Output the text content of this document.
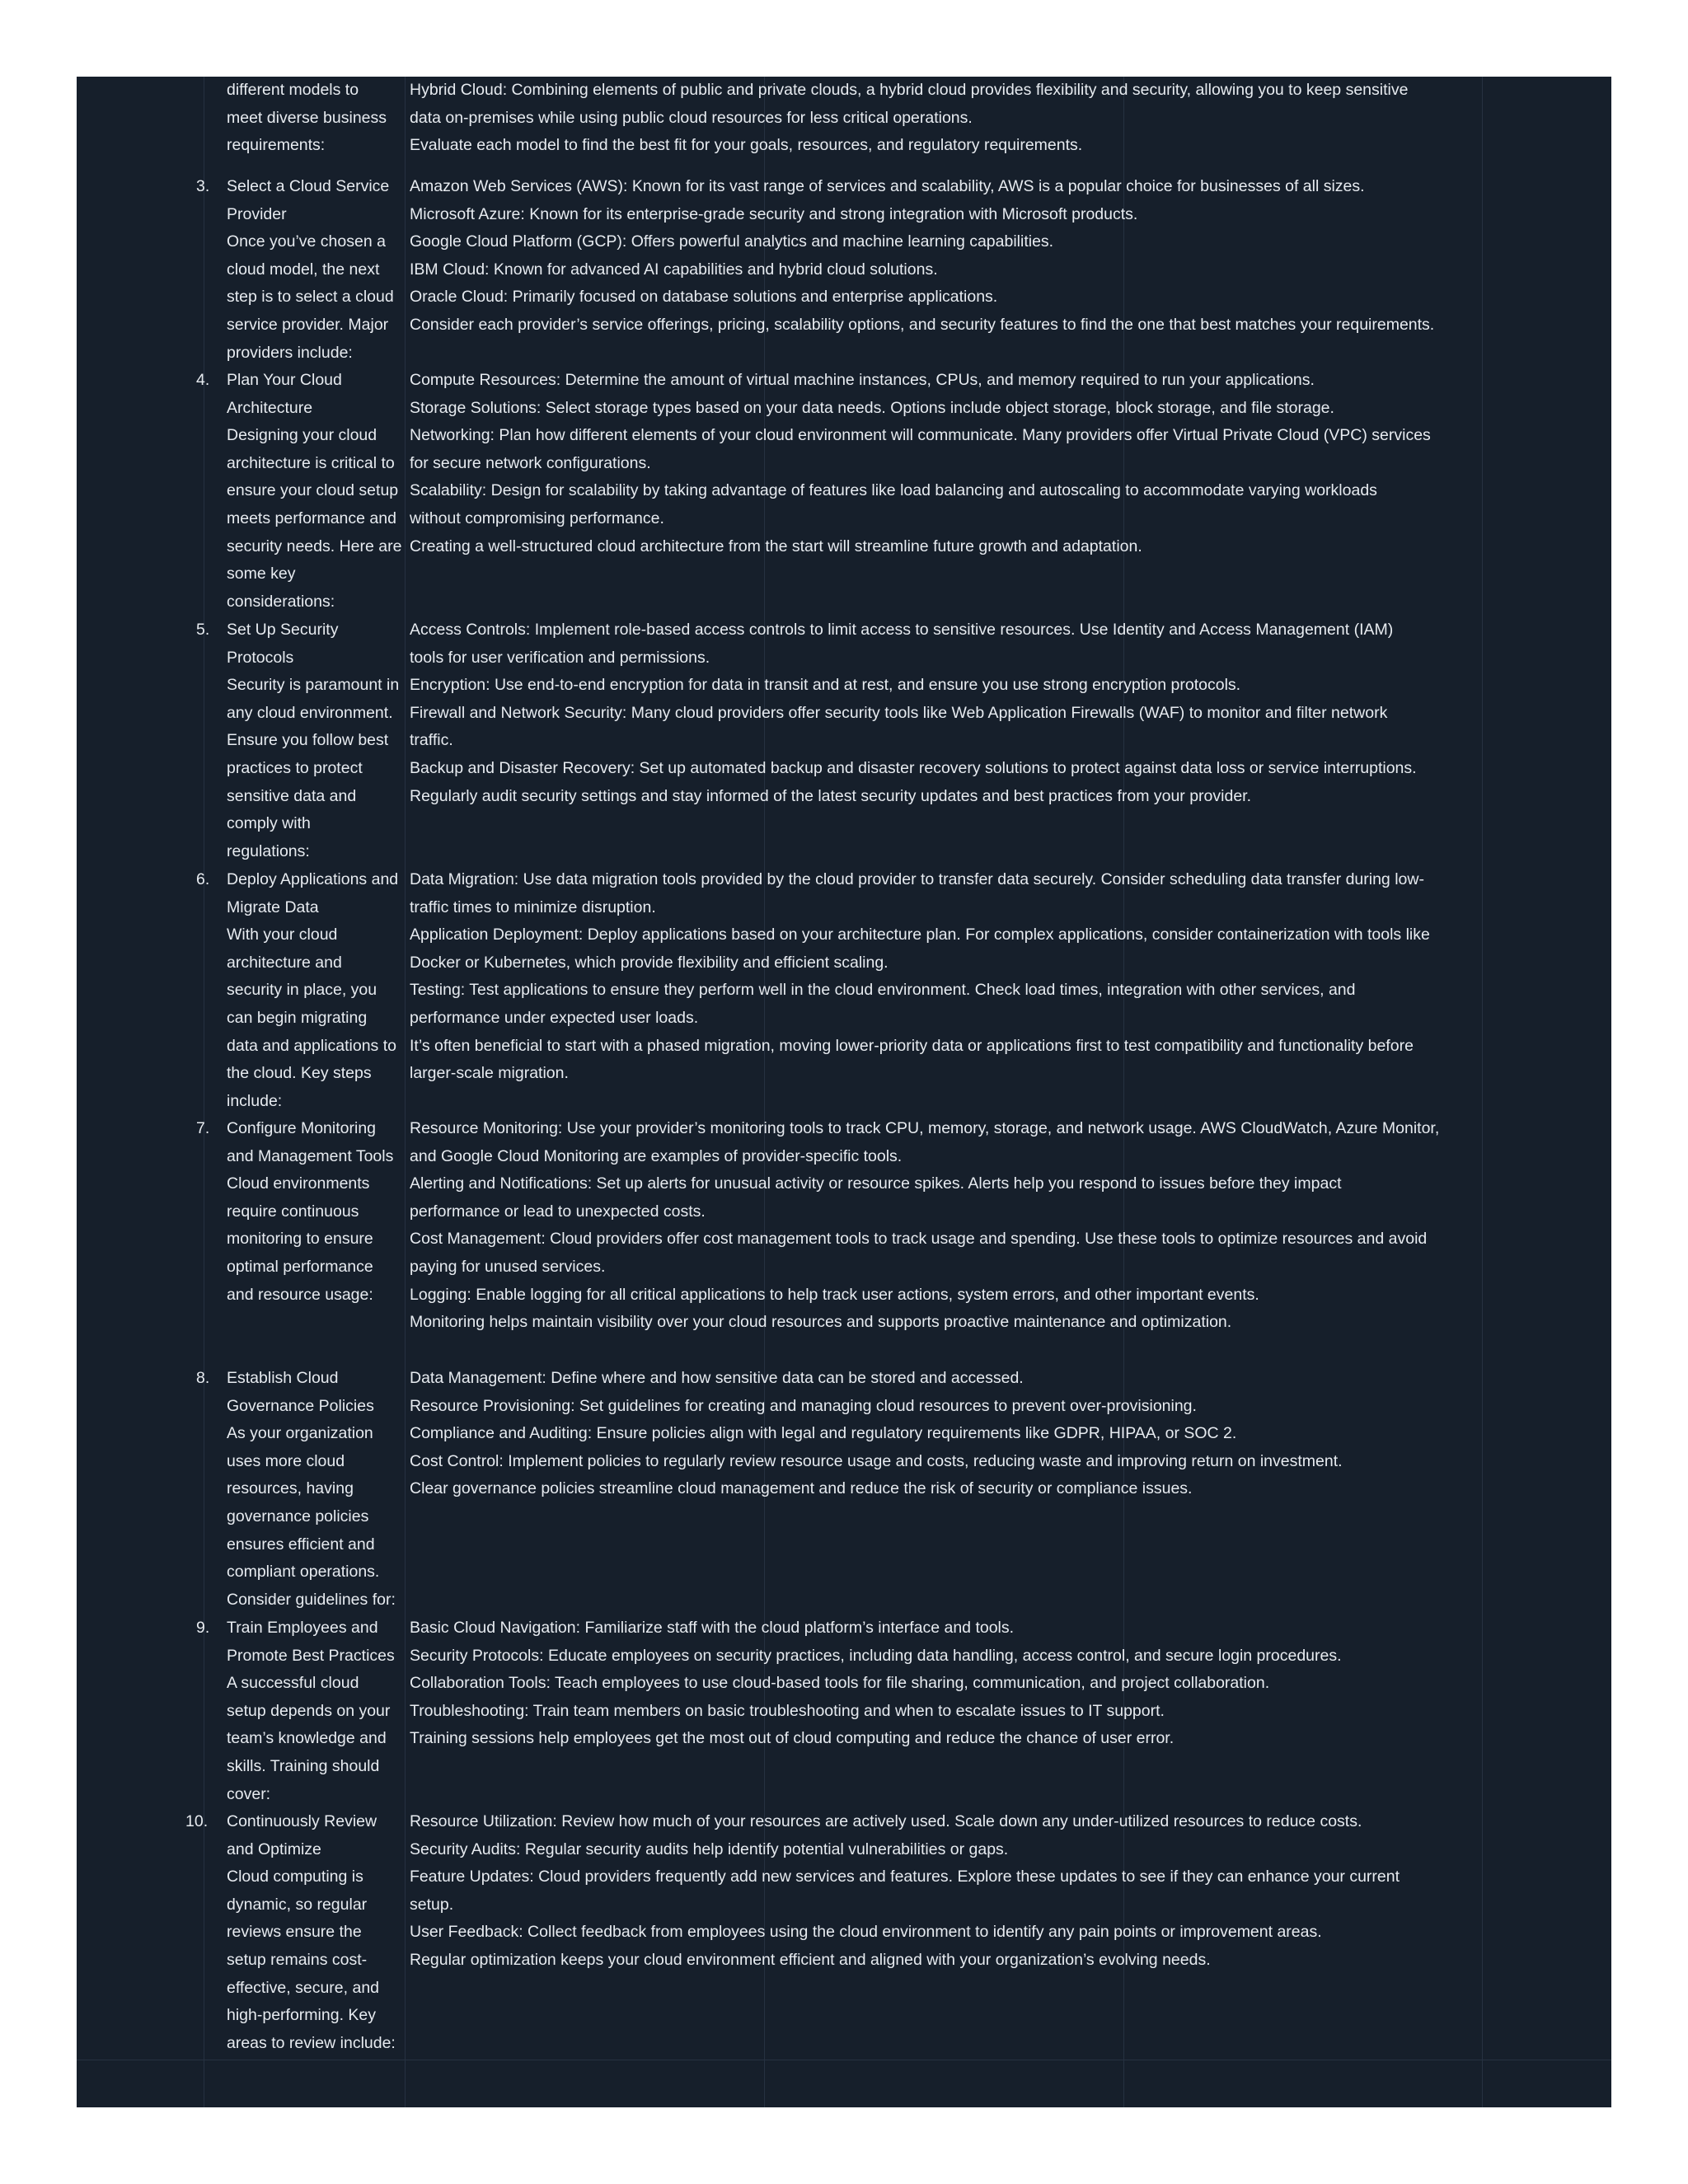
different models to
meet diverse business
requirements:
Hybrid Cloud: Combining elements of public and private clouds, a hybrid cloud provides flexibility and security, allowing you to keep sensitive
data on-premises while using public cloud resources for less critical operations.
Evaluate each model to find the best fit for your goals, resources, and regulatory requirements.
3. Select a Cloud Service
Provider
Once you’ve chosen a
cloud model, the next
step is to select a cloud
service provider. Major
providers include:
Amazon Web Services (AWS): Known for its vast range of services and scalability, AWS is a popular choice for businesses of all sizes.
Microsoft Azure: Known for its enterprise-grade security and strong integration with Microsoft products.
Google Cloud Platform (GCP): Offers powerful analytics and machine learning capabilities.
IBM Cloud: Known for advanced AI capabilities and hybrid cloud solutions.
Oracle Cloud: Primarily focused on database solutions and enterprise applications.
Consider each provider’s service offerings, pricing, scalability options, and security features to find the one that best matches your requirements.
4. Plan Your Cloud
Architecture
Designing your cloud
architecture is critical to
ensure your cloud setup
meets performance and
security needs. Here are
some key
considerations:
Compute Resources: Determine the amount of virtual machine instances, CPUs, and memory required to run your applications.
Storage Solutions: Select storage types based on your data needs. Options include object storage, block storage, and file storage.
Networking: Plan how different elements of your cloud environment will communicate. Many providers offer Virtual Private Cloud (VPC) services
for secure network configurations.
Scalability: Design for scalability by taking advantage of features like load balancing and autoscaling to accommodate varying workloads
without compromising performance.
Creating a well-structured cloud architecture from the start will streamline future growth and adaptation.
5. Set Up Security
Protocols
Security is paramount in
any cloud environment.
Ensure you follow best
practices to protect
sensitive data and
comply with
regulations:
Access Controls: Implement role-based access controls to limit access to sensitive resources. Use Identity and Access Management (IAM)
tools for user verification and permissions.
Encryption: Use end-to-end encryption for data in transit and at rest, and ensure you use strong encryption protocols.
Firewall and Network Security: Many cloud providers offer security tools like Web Application Firewalls (WAF) to monitor and filter network
traffic.
Backup and Disaster Recovery: Set up automated backup and disaster recovery solutions to protect against data loss or service interruptions.
Regularly audit security settings and stay informed of the latest security updates and best practices from your provider.
6. Deploy Applications and
Migrate Data
With your cloud
architecture and
security in place, you
can begin migrating
data and applications to
the cloud. Key steps
include:
Data Migration: Use data migration tools provided by the cloud provider to transfer data securely. Consider scheduling data transfer during low-
traffic times to minimize disruption.
Application Deployment: Deploy applications based on your architecture plan. For complex applications, consider containerization with tools like
Docker or Kubernetes, which provide flexibility and efficient scaling.
Testing: Test applications to ensure they perform well in the cloud environment. Check load times, integration with other services, and
performance under expected user loads.
It’s often beneficial to start with a phased migration, moving lower-priority data or applications first to test compatibility and functionality before
larger-scale migration.
7. Configure Monitoring
and Management Tools
Cloud environments
require continuous
monitoring to ensure
optimal performance
and resource usage:
Resource Monitoring: Use your provider’s monitoring tools to track CPU, memory, storage, and network usage. AWS CloudWatch, Azure Monitor,
and Google Cloud Monitoring are examples of provider-specific tools.
Alerting and Notifications: Set up alerts for unusual activity or resource spikes. Alerts help you respond to issues before they impact
performance or lead to unexpected costs.
Cost Management: Cloud providers offer cost management tools to track usage and spending. Use these tools to optimize resources and avoid
paying for unused services.
Logging: Enable logging for all critical applications to help track user actions, system errors, and other important events.
Monitoring helps maintain visibility over your cloud resources and supports proactive maintenance and optimization.
8. Establish Cloud
Governance Policies
As your organization
uses more cloud
resources, having
governance policies
ensures efficient and
compliant operations.
Consider guidelines for:
Data Management: Define where and how sensitive data can be stored and accessed.
Resource Provisioning: Set guidelines for creating and managing cloud resources to prevent over-provisioning.
Compliance and Auditing: Ensure policies align with legal and regulatory requirements like GDPR, HIPAA, or SOC 2.
Cost Control: Implement policies to regularly review resource usage and costs, reducing waste and improving return on investment.
Clear governance policies streamline cloud management and reduce the risk of security or compliance issues.
9. Train Employees and
Promote Best Practices
A successful cloud
setup depends on your
team’s knowledge and
skills. Training should
cover:
Basic Cloud Navigation: Familiarize staff with the cloud platform’s interface and tools.
Security Protocols: Educate employees on security practices, including data handling, access control, and secure login procedures.
Collaboration Tools: Teach employees to use cloud-based tools for file sharing, communication, and project collaboration.
Troubleshooting: Train team members on basic troubleshooting and when to escalate issues to IT support.
Training sessions help employees get the most out of cloud computing and reduce the chance of user error.
10. Continuously Review
and Optimize
Cloud computing is
dynamic, so regular
reviews ensure the
setup remains cost-
effective, secure, and
high-performing. Key
areas to review include:
Resource Utilization: Review how much of your resources are actively used. Scale down any under-utilized resources to reduce costs.
Security Audits: Regular security audits help identify potential vulnerabilities or gaps.
Feature Updates: Cloud providers frequently add new services and features. Explore these updates to see if they can enhance your current
setup.
User Feedback: Collect feedback from employees using the cloud environment to identify any pain points or improvement areas.
Regular optimization keeps your cloud environment efficient and aligned with your organization’s evolving needs.
